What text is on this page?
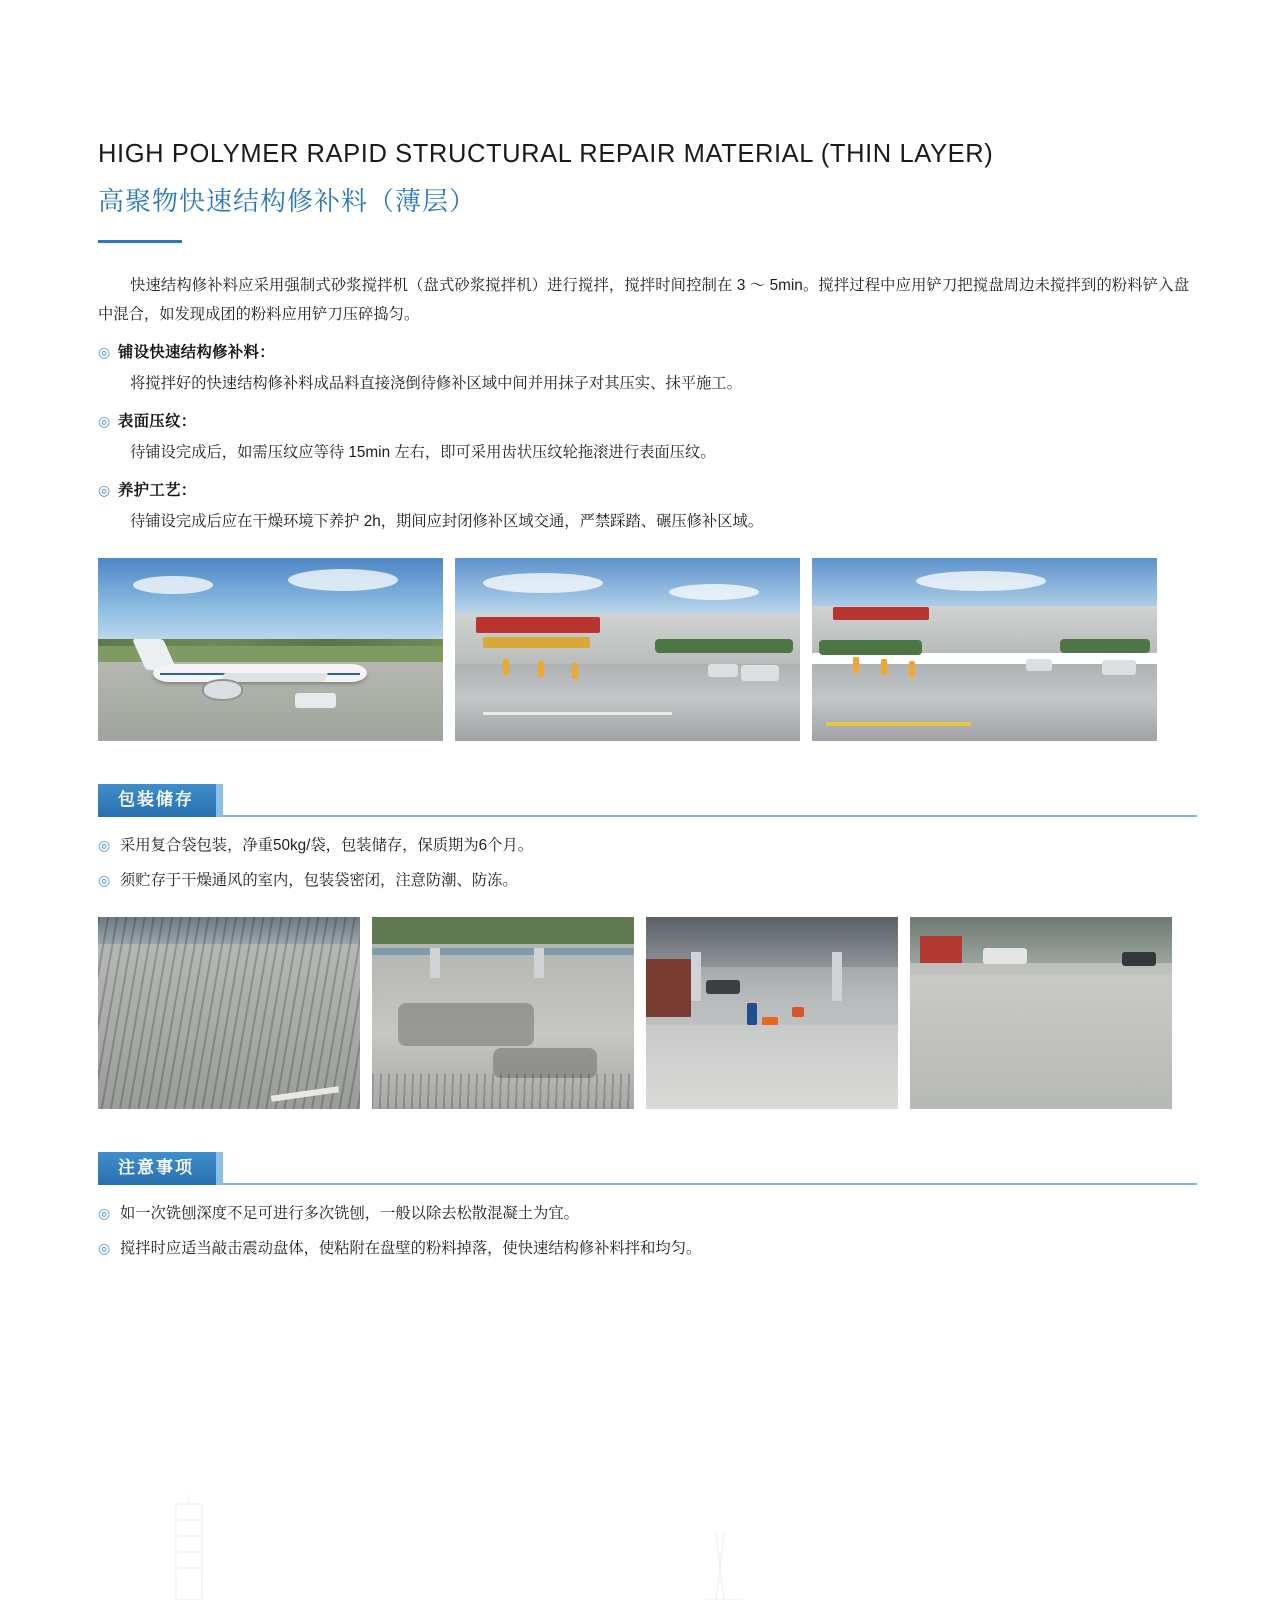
HIGH POLYMER RAPID STRUCTURAL REPAIR MATERIAL (THIN LAYER)
高聚物快速结构修补料（薄层）
快速结构修补料应采用强制式砂浆搅拌机（盘式砂浆搅拌机）进行搅拌，搅拌时间控制在 3 ～ 5min。搅拌过程中应用铲刀把搅盘周边未搅拌到的粉料铲入盘中混合，如发现成团的粉料应用铲刀压碎捣匀。
◎ 铺设快速结构修补料：
将搅拌好的快速结构修补料成品料直接浇倒待修补区域中间并用抹子对其压实、抹平施工。
◎ 表面压纹：
待铺设完成后，如需压纹应等待 15min 左右，即可采用齿状压纹轮拖滚进行表面压纹。
◎ 养护工艺：
待铺设完成后应在干燥环境下养护 2h，期间应封闭修补区域交通，严禁踩踏、碾压修补区域。
包装储存
◎ 采用复合袋包装，净重50kg/袋，包装储存，保质期为6个月。
◎ 须贮存于干燥通风的室内，包装袋密闭，注意防潮、防冻。
注意事项
◎ 如一次铣刨深度不足可进行多次铣刨，一般以除去松散混凝土为宜。
◎ 搅拌时应适当敲击震动盘体，使粘附在盘壁的粉料掉落，使快速结构修补料拌和均匀。
